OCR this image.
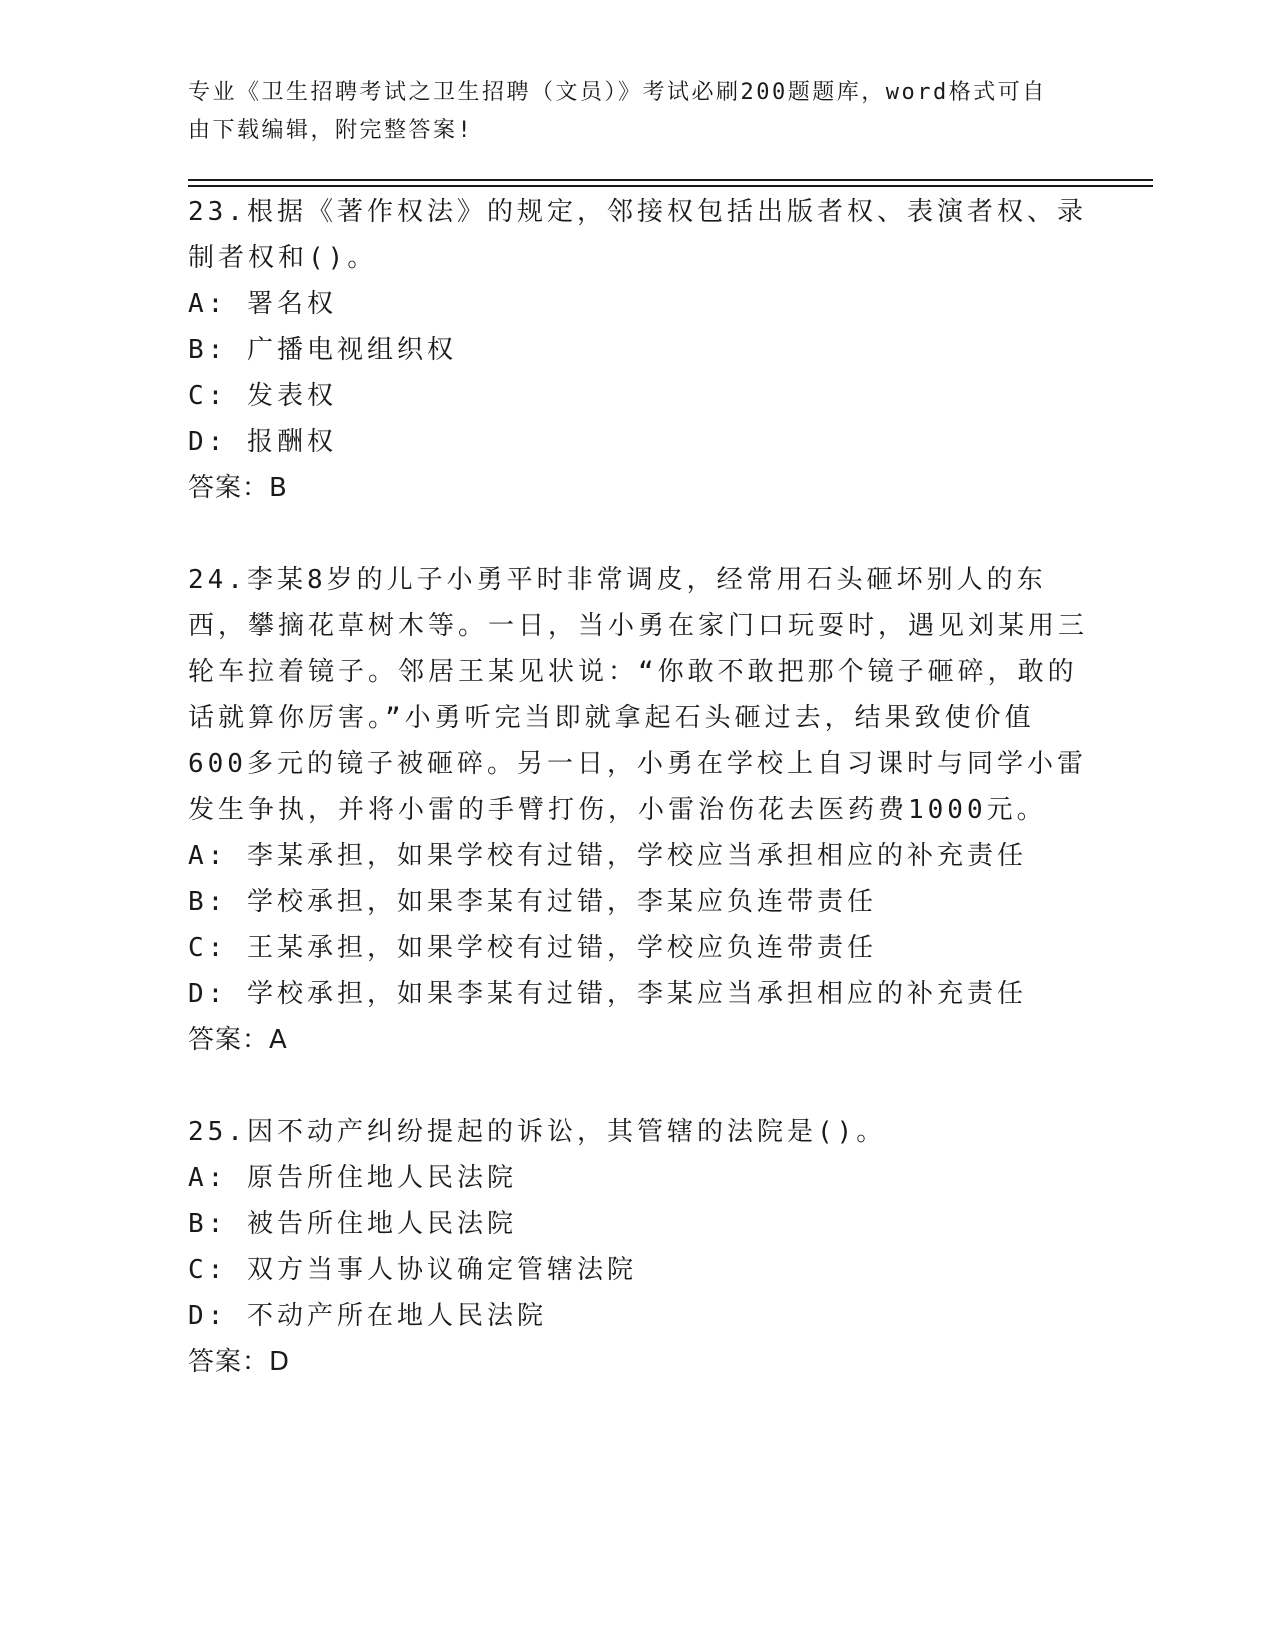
专业《卫生招聘考试之卫生招聘（文员）》考试必刷200题题库，word格式可自由下载编辑，附完整答案!

23.根据《著作权法》的规定，邻接权包括出版者权、表演者权、录制者权和()。

A: 署名权

B: 广播电视组织权

C: 发表权

D: 报酬权

答案：B

24.李某8岁的儿子小勇平时非常调皮，经常用石头砸坏别人的东西，攀摘花草树木等。一日，当小勇在家门口玩耍时，遇见刘某用三轮车拉着镜子。邻居王某见状说：“你敢不敢把那个镜子砸碎，敢的话就算你厉害。”小勇听完当即就拿起石头砸过去，结果致使价值600多元的镜子被砸碎。另一日，小勇在学校上自习课时与同学小雷发生争执，并将小雷的手臂打伤，小雷治伤花去医药费1000元。

A: 李某承担，如果学校有过错，学校应当承担相应的补充责任

B: 学校承担，如果李某有过错，李某应负连带责任

C: 王某承担，如果学校有过错，学校应负连带责任

D: 学校承担，如果李某有过错，李某应当承担相应的补充责任

答案：A

25.因不动产纠纷提起的诉讼，其管辖的法院是()。

A: 原告所住地人民法院

B: 被告所住地人民法院

C: 双方当事人协议确定管辖法院

D: 不动产所在地人民法院

答案：D
